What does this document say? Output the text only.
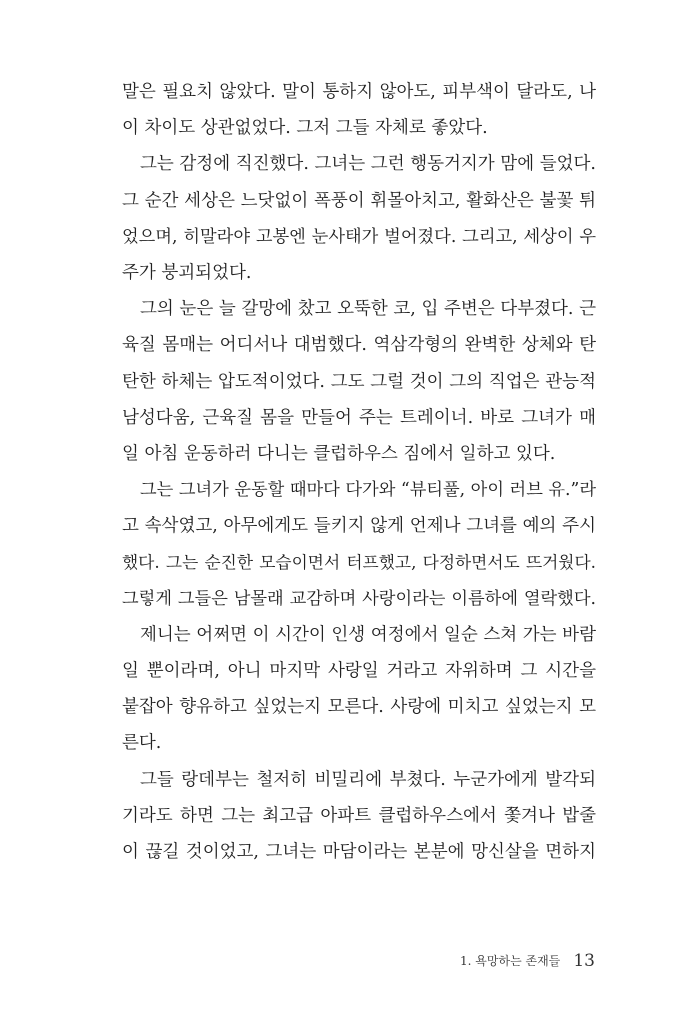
말은 필요치 않았다. 말이 통하지 않아도, 피부색이 달라도, 나
이 차이도 상관없었다. 그저 그들 자체로 좋았다.
그는 감정에 직진했다. 그녀는 그런 행동거지가 맘에 들었다.
그 순간 세상은 느닷없이 폭풍이 휘몰아치고, 활화산은 불꽃 튀
었으며, 히말라야 고봉엔 눈사태가 벌어졌다. 그리고, 세상이 우
주가 붕괴되었다.
그의 눈은 늘 갈망에 찼고 오뚝한 코, 입 주변은 다부졌다. 근
육질 몸매는 어디서나 대범했다. 역삼각형의 완벽한 상체와 탄
탄한 하체는 압도적이었다. 그도 그럴 것이 그의 직업은 관능적
남성다움, 근육질 몸을 만들어 주는 트레이너. 바로 그녀가 매
일 아침 운동하러 다니는 클럽하우스 짐에서 일하고 있다.
그는 그녀가 운동할 때마다 다가와 “뷰티풀, 아이 러브 유.”라
고 속삭였고, 아무에게도 들키지 않게 언제나 그녀를 예의 주시
했다. 그는 순진한 모습이면서 터프했고, 다정하면서도 뜨거웠다.
그렇게 그들은 남몰래 교감하며 사랑이라는 이름하에 열락했다.
제니는 어쩌면 이 시간이 인생 여정에서 일순 스쳐 가는 바람
일 뿐이라며, 아니 마지막 사랑일 거라고 자위하며 그 시간을
붙잡아 향유하고 싶었는지 모른다. 사랑에 미치고 싶었는지 모
른다.
그들 랑데부는 철저히 비밀리에 부쳤다. 누군가에게 발각되
기라도 하면 그는 최고급 아파트 클럽하우스에서 쫓겨나 밥줄
이 끊길 것이었고, 그녀는 마담이라는 본분에 망신살을 면하지
1. 욕망하는 존재들 13
